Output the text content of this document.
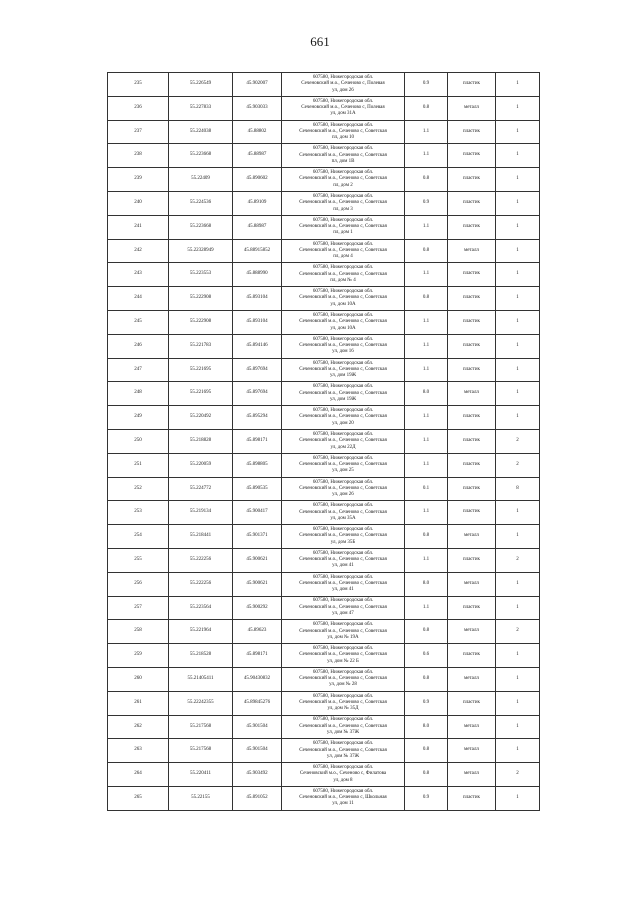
661
235	55.226549	45.902007	607580, Нижегородская обл.
Сеченовский м.о., Сеченово с, Полевая
ул, дом 26	0.9	пластик	1
236	55.227833	45.903033	607580, Нижегородская обл.
Сеченовский м.о., Сеченово с, Полевая
ул, дом 31А	0.8	металл	1
237	55.224038	45.88802	607580, Нижегородская обл.
Сеченовский м.о., Сеченово с, Советская
пл, дом 10	1.1	пластик	1
238	55.223668	45.88987	607580, Нижегородская обл.
Сеченовский м.о., Сеченово с, Советская
пл, дом 1В	1.1	пластик	1
239	55.22409	45.890602	607580, Нижегородская обл.
Сеченовский м.о., Сеченово с, Советская
пл, дом 2	0.8	пластик	1
240	55.224536	45.89109	607580, Нижегородская обл.
Сеченовский м.о., Сеченово с, Советская
пл, дом 3	0.9	пластик	1
241	55.223668	45.88987	607580, Нижегородская обл.
Сеченовский м.о., Сеченово с, Советская
пл, дом 1	1.1	пластик	1
242	55.22328949	45.88915852	607580, Нижегородская обл.
Сеченовский м.о., Сеченово с, Советская
пл, дом 4	0.8	металл	1
243	55.223553	45.888990	607580, Нижегородская обл.
Сеченовский м.о., Сеченово с, Советская
пл, дом № 4	1.1	пластик	1
244	55.222908	45.893104	607580, Нижегородская обл.
Сеченовский м.о., Сеченово с, Советская
ул, дом 10А	0.8	пластик	1
245	55.222908	45.893104	607580, Нижегородская обл.
Сеченовский м.о., Сеченово с, Советская
ул, дом 10А	1.1	пластик	1
246	55.221783	45.894146	607580, Нижегородская обл.
Сеченовский м.о., Сеченово с, Советская
ул, дом 16	1.1	пластик	1
247	55.221695	45.897694	607580, Нижегородская обл.
Сеченовский м.о., Сеченово с, Советская
ул, дом 19Ж	1.1	пластик	1
248	55.221695	45.897694	607580, Нижегородская обл.
Сеченовский м.о., Сеченово с, Советская
ул, дом 19Ж	8.0	металл	1
249	55.220492	45.895294	607580, Нижегородская обл.
Сеченовский м.о., Сеченово с, Советская
ул, дом 20	1.1	пластик	1
250	55.218828	45.898171	607580, Нижегородская обл.
Сеченовский м.о., Сеченово с, Советская
ул, дом 22Д	1.1	пластик	2
251	55.220059	45.898805	607580, Нижегородская обл.
Сеченовский м.о., Сеченово с, Советская
ул, дом 25	1.1	пластик	2
252	55.224772	45.890535	607580, Нижегородская обл.
Сеченовский м.о., Сеченово с, Советская
ул, дом 26	0.1	пластик	8
253	55.219134	45.900417	607580, Нижегородская обл.
Сеченовский м.о., Сеченово с, Советская
ул, дом 35А	1.1	пластик	1
254	55.218441	45.901371	607580, Нижегородская обл.
Сеченовский м.о., Сеченово с, Советская
ул, дом 35Б	0.8	металл	1
255	55.222256	45.900621	607580, Нижегородская обл.
Сеченовский м.о., Сеченово с, Советская
ул, дом 41	1.1	пластик	2
256	55.222256	45.900621	607580, Нижегородская обл.
Сеченовский м.о., Сеченово с, Советская
ул, дом 41	8.0	металл	1
257	55.223564	45.900292	607580, Нижегородская обл.
Сеченовский м.о., Сеченово с, Советская
ул, дом 47	1.1	пластик	1
258	55.221964	45.89623	607580, Нижегородская обл.
Сеченовский м.о., Сеченово с, Советская
ул, дом № 19А	0.8	металл	2
259	55.218528	45.898171	607580, Нижегородская обл.
Сеченовский м.о., Сеченово с, Советская
ул, дом № 22 Б	0.6	пластик	1
260	55.21405411	45.90430832	607580, Нижегородская обл.
Сеченовский м.о., Сеченово с, Советская
ул, дом № 28	0.8	металл	1
261	55.22242355	45.89845276	607580, Нижегородская обл.
Сеченовский м.о., Сеченово с, Советская
ул, дом № 35Д	0.9	пластик	1
262	55.217568	45.901504	607580, Нижегородская обл.
Сеченовский м.о., Сеченово с, Советская
ул, дом № 37Ж	8.0	металл	1
263	55.217568	45.901504	607580, Нижегородская обл.
Сеченовский м.о., Сеченово с, Советская
ул, дом № 37Ж	0.8	металл	1
264	55.220411	45.903492	607580, Нижегородская обл.
Сеченовский м.о., Сеченово с, Филатова
ул, дом 8	0.8	металл	2
265	55.22155	45.891052	607580, Нижегородская обл.
Сеченовский м.о., Сеченово с, Школьная
ул, дом 11	0.9	пластик	1
